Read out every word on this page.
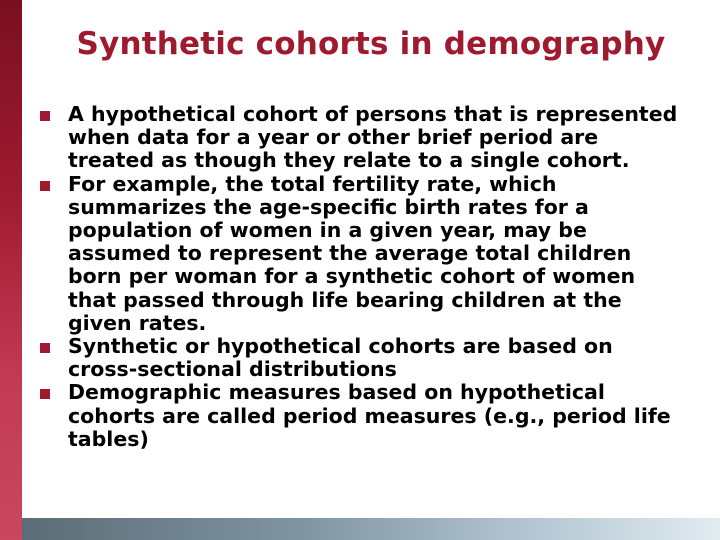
Synthetic cohorts in demography
A hypothetical cohort of persons that is represented when data for a year or other brief period are treated as though they relate to a single cohort.
For example, the total fertility rate, which summarizes the age-specific birth rates for a population of women in a given year, may be assumed to represent the average total children born per woman for a synthetic cohort of women that passed through life bearing children at the given rates.
Synthetic or hypothetical cohorts are based on cross-sectional distributions
Demographic measures based on hypothetical cohorts are called period measures (e.g., period life tables)
